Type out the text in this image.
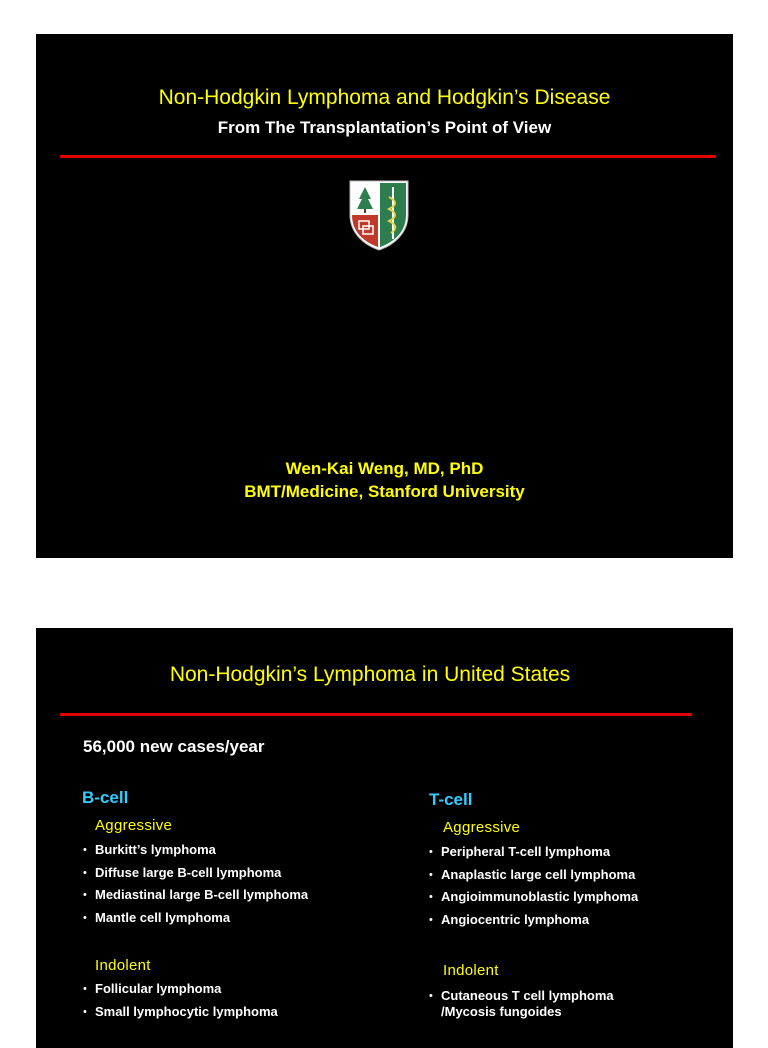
Non-Hodgkin Lymphoma and Hodgkin’s Disease
From The Transplantation’s Point of View
Wen-Kai Weng, MD, PhD
BMT/Medicine, Stanford University
Non-Hodgkin’s Lymphoma in United States
56,000 new cases/year
B-cell
Aggressive
• Burkitt’s lymphoma
• Diffuse large B-cell lymphoma
• Mediastinal large B-cell lymphoma
• Mantle cell lymphoma
Indolent
• Follicular lymphoma
• Small lymphocytic lymphoma
T-cell
Aggressive
• Peripheral T-cell lymphoma
• Anaplastic large cell lymphoma
• Angioimmunoblastic lymphoma
• Angiocentric lymphoma
Indolent
• Cutaneous T cell lymphoma
/Mycosis fungoides
